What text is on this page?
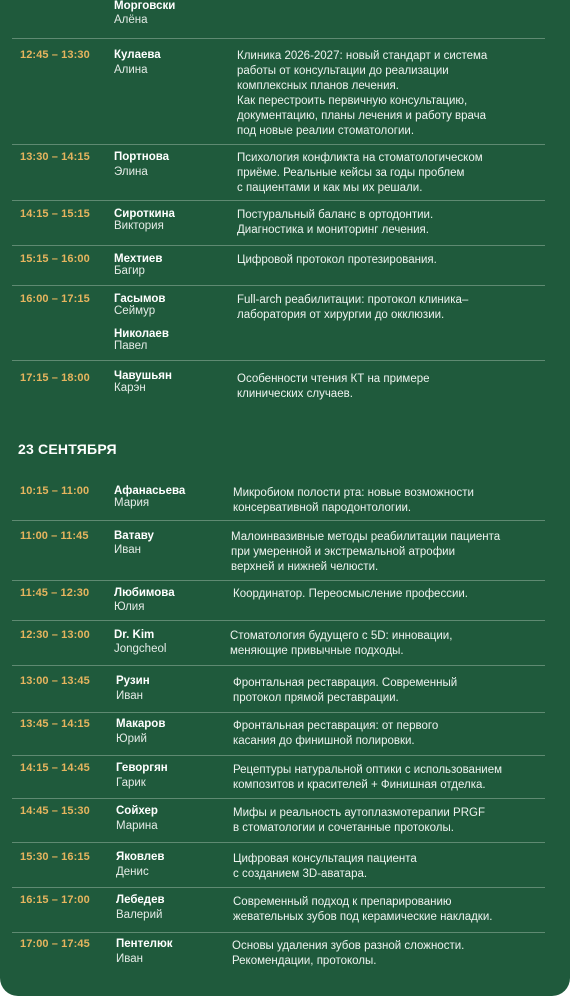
Морговски
Алёна
12:45 – 13:30 Кулаева
Алина
Клиника 2026-2027: новый стандарт и система
работы от консультации до реализации
комплексных планов лечения.
Как перестроить первичную консультацию,
документацию, планы лечения и работу врача
под новые реалии стоматологии.
13:30 – 14:15 Портнова
Элина
Психология конфликта на стоматологическом
приёме. Реальные кейсы за годы проблем
с пациентами и как мы их решали.
14:15 – 15:15 Сироткина
Виктория
Постуральный баланс в ортодонтии.
Диагностика и мониторинг лечения.
15:15 – 16:00 Мехтиев
Багир
Цифровой протокол протезирования.
16:00 – 17:15 Гасымов
Сеймур
Николаев
Павел
Full-arch реабилитации: протокол клиника–
лаборатория от хирургии до окклюзии.
17:15 – 18:00 Чавушьян
Карэн
Особенности чтения КТ на примере
клинических случаев.
23 СЕНТЯБРЯ
10:15 – 11:00 Афанасьева
Мария
Микробиом полости рта: новые возможности
консервативной пародонтологии.
11:00 – 11:45 Ватаву
Иван
Малоинвазивные методы реабилитации пациента
при умеренной и экстремальной атрофии
верхней и нижней челюсти.
11:45 – 12:30 Любимова
Юлия
Координатор. Переосмысление профессии.
12:30 – 13:00 Dr. Kim
Jongcheol
Стоматология будущего с 5D: инновации,
меняющие привычные подходы.
13:00 – 13:45 Рузин
Иван
Фронтальная реставрация. Современный
протокол прямой реставрации.
13:45 – 14:15 Макаров
Юрий
Фронтальная реставрация: от первого
касания до финишной полировки.
14:15 – 14:45 Геворгян
Гарик
Рецептуры натуральной оптики с использованием
композитов и красителей + Финишная отделка.
14:45 – 15:30 Сойхер
Марина
Мифы и реальность аутоплазмотерапии PRGF
в стоматологии и сочетанные протоколы.
15:30 – 16:15 Яковлев
Денис
Цифровая консультация пациента
с созданием 3D-аватара.
16:15 – 17:00 Лебедев
Валерий
Современный подход к препарированию
жевательных зубов под керамические накладки.
17:00 – 17:45 Пентелюк
Иван
Основы удаления зубов разной сложности.
Рекомендации, протоколы.
